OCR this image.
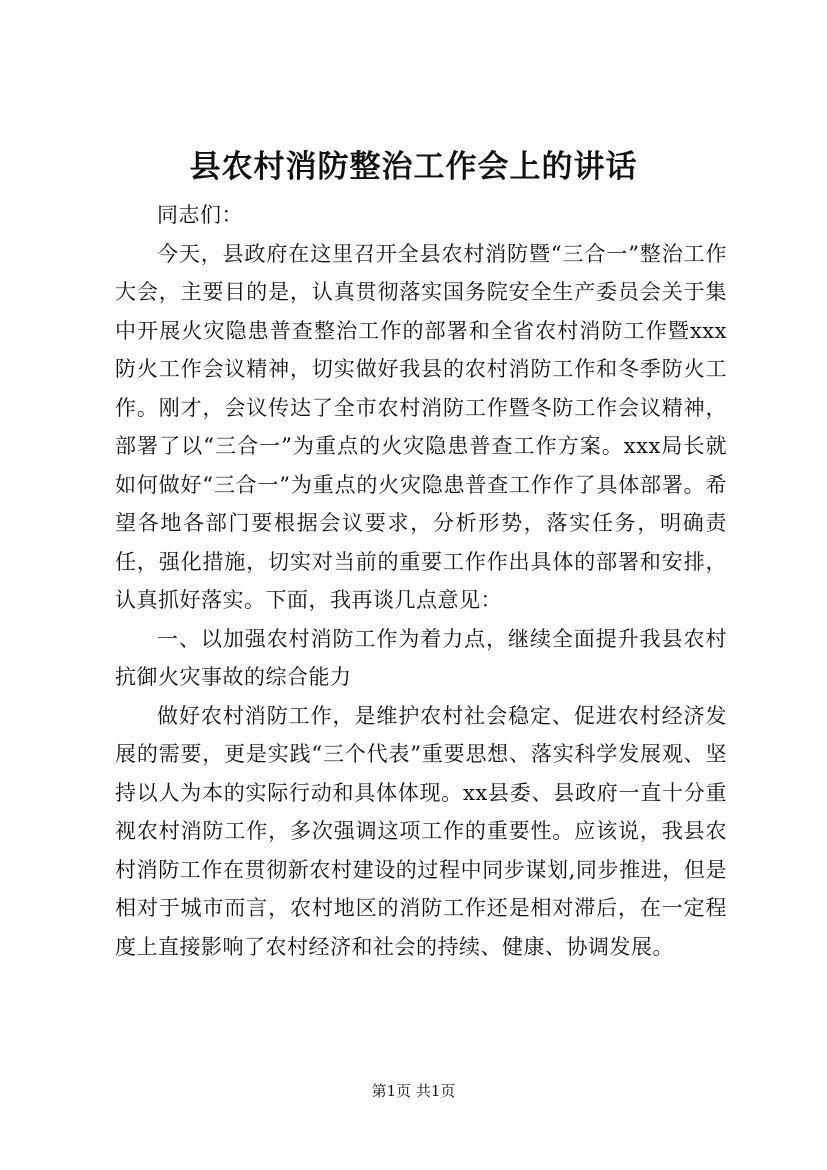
县农村消防整治工作会上的讲话

同志们：

今天，县政府在这里召开全县农村消防暨“三合一”整治工作大会，主要目的是，认真贯彻落实国务院安全生产委员会关于集中开展火灾隐患普查整治工作的部署和全省农村消防工作暨xxx防火工作会议精神，切实做好我县的农村消防工作和冬季防火工作。刚才，会议传达了全市农村消防工作暨冬防工作会议精神，部署了以“三合一”为重点的火灾隐患普查工作方案。xxx局长就如何做好“三合一”为重点的火灾隐患普查工作作了具体部署。希望各地各部门要根据会议要求，分析形势，落实任务，明确责任，强化措施，切实对当前的重要工作作出具体的部署和安排，认真抓好落实。下面，我再谈几点意见：

一、以加强农村消防工作为着力点，继续全面提升我县农村抗御火灾事故的综合能力

做好农村消防工作，是维护农村社会稳定、促进农村经济发展的需要，更是实践“三个代表”重要思想、落实科学发展观、坚持以人为本的实际行动和具体体现。xx县委、县政府一直十分重视农村消防工作，多次强调这项工作的重要性。应该说，我县农村消防工作在贯彻新农村建设的过程中同步谋划,同步推进，但是相对于城市而言，农村地区的消防工作还是相对滞后，在一定程度上直接影响了农村经济和社会的持续、健康、协调发展。

第1页 共1页
